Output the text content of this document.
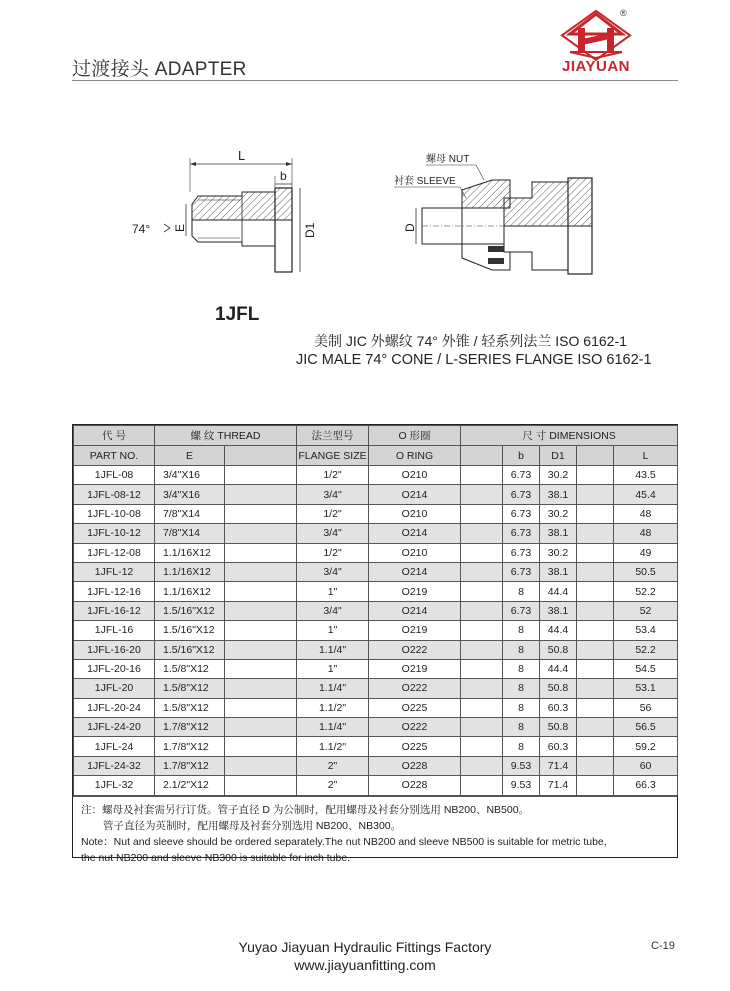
过渡接头 ADAPTER
®
JIAYUAN
L
b
D1
E
74°
螺母 NUT
衬套 SLEEVE
D
1JFL
美制 JIC 外螺纹 74° 外锥 / 轻系列法兰 ISO 6162-1
JIC MALE 74° CONE / L-SERIES FLANGE ISO 6162-1
代 号	螺 纹 THREAD		法兰型号	O 形圈	尺 寸 DIMENSIONS				
PART NO.	E		FLANGE SIZE	O RING		b	D1		L
1JFL-08	3/4"X16		1/2"	O210		6.73	30.2		43.5
1JFL-08-12	3/4"X16		3/4"	O214		6.73	38.1		45.4
1JFL-10-08	7/8"X14		1/2"	O210		6.73	30.2		48
1JFL-10-12	7/8"X14		3/4"	O214		6.73	38.1		48
1JFL-12-08	1.1/16X12		1/2"	O210		6.73	30.2		49
1JFL-12	1.1/16X12		3/4"	O214		6.73	38.1		50.5
1JFL-12-16	1.1/16X12		1"	O219		8	44.4		52.2
1JFL-16-12	1.5/16"X12		3/4"	O214		6.73	38.1		52
1JFL-16	1.5/16"X12		1"	O219		8	44.4		53.4
1JFL-16-20	1.5/16"X12		1.1/4"	O222		8	50.8		52.2
1JFL-20-16	1.5/8"X12		1"	O219		8	44.4		54.5
1JFL-20	1.5/8"X12		1.1/4"	O222		8	50.8		53.1
1JFL-20-24	1.5/8"X12		1.1/2"	O225		8	60.3		56
1JFL-24-20	1.7/8"X12		1.1/4"	O222		8	50.8		56.5
1JFL-24	1.7/8"X12		1.1/2"	O225		8	60.3		59.2
1JFL-24-32	1.7/8"X12		2"	O228		9.53	71.4		60
1JFL-32	2.1/2"X12		2"	O228		9.53	71.4		66.3
注：螺母及衬套需另行订货。管子直径 D 为公制时，配用螺母及衬套分别选用 NB200、NB500。
管子直径为英制时，配用螺母及衬套分别选用 NB200、NB300。
Note：Nut and sleeve should be ordered separately.The nut NB200 and sleeve NB500 is suitable for metric tube,
the nut NB200 and sleeve NB300 is suitable for inch tube.
Yuyao Jiayuan Hydraulic Fittings Factory
www.jiayuanfitting.com
C-19
